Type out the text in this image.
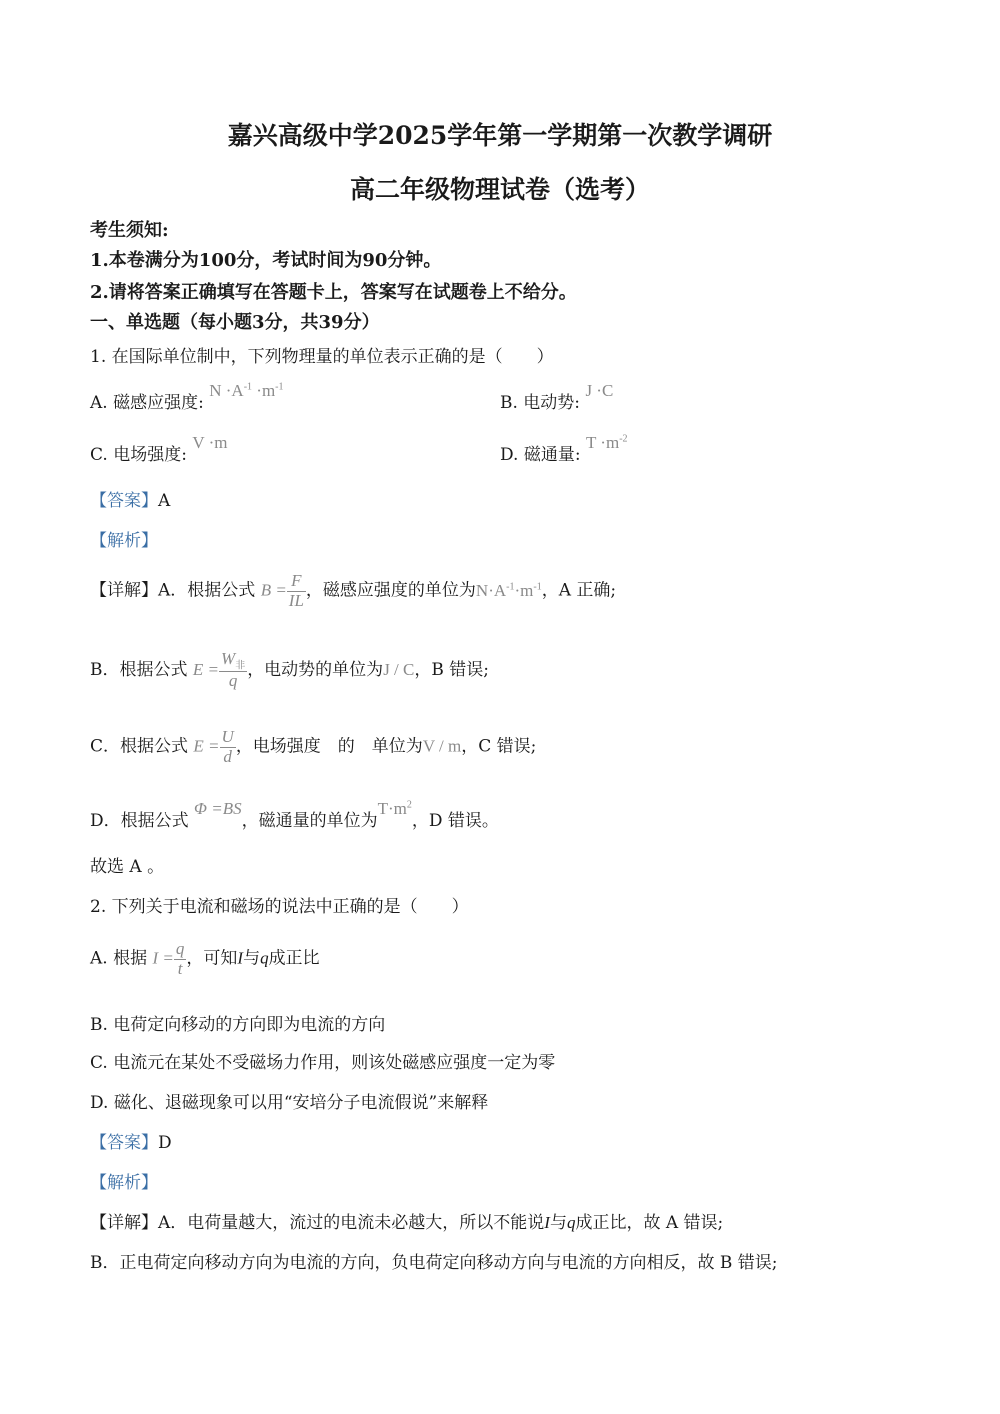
嘉兴高级中学2025学年第一学期第一次教学调研
高二年级物理试卷（选考）
考生须知:
1.本卷满分为100分，考试时间为90分钟。
2.请将答案正确填写在答题卡上，答案写在试题卷上不给分。
一、单选题（每小题3分，共39分）
1. 在国际单位制中，下列物理量的单位表示正确的是（　　）
A. 磁感应强度: $N \cdot A^{-1} \cdot m^{-1}$
B. 电动势: J ·C
C. 电场强度: V ·m
D. 磁通量: $T \cdot m^{-2}$
【答案】A
【解析】
【详解】A．根据公式 $B = \frac{F}{IL}$ ，磁感应强度的单位为$N\cdot A^{-1}\cdot m^{-1}$，A 正确;
B．根据公式 $E = \frac{W_非}{q}$ ，电动势的单位为J / C，B 错误;
C．根据公式 $E = \frac{U}{d}$ ，电场强度　的　单位为V / m，C 错误;
D．根据公式 Φ =BS，磁通量的单位为$T\cdot m^2$，D 错误。
故选 A 。
2. 下列关于电流和磁场的说法中正确的是（　　）
A. 根据 $I = \frac{q}{t}$ ，可知I与q成正比
B. 电荷定向移动的方向即为电流的方向
C. 电流元在某处不受磁场力作用，则该处磁感应强度一定为零
D. 磁化、退磁现象可以用“安培分子电流假说”来解释
【答案】D
【解析】
【详解】A．电荷量越大，流过的电流未必越大，所以不能说I与q成正比，故 A 错误;
B．正电荷定向移动方向为电流的方向，负电荷定向移动方向与电流的方向相反，故 B 错误;
